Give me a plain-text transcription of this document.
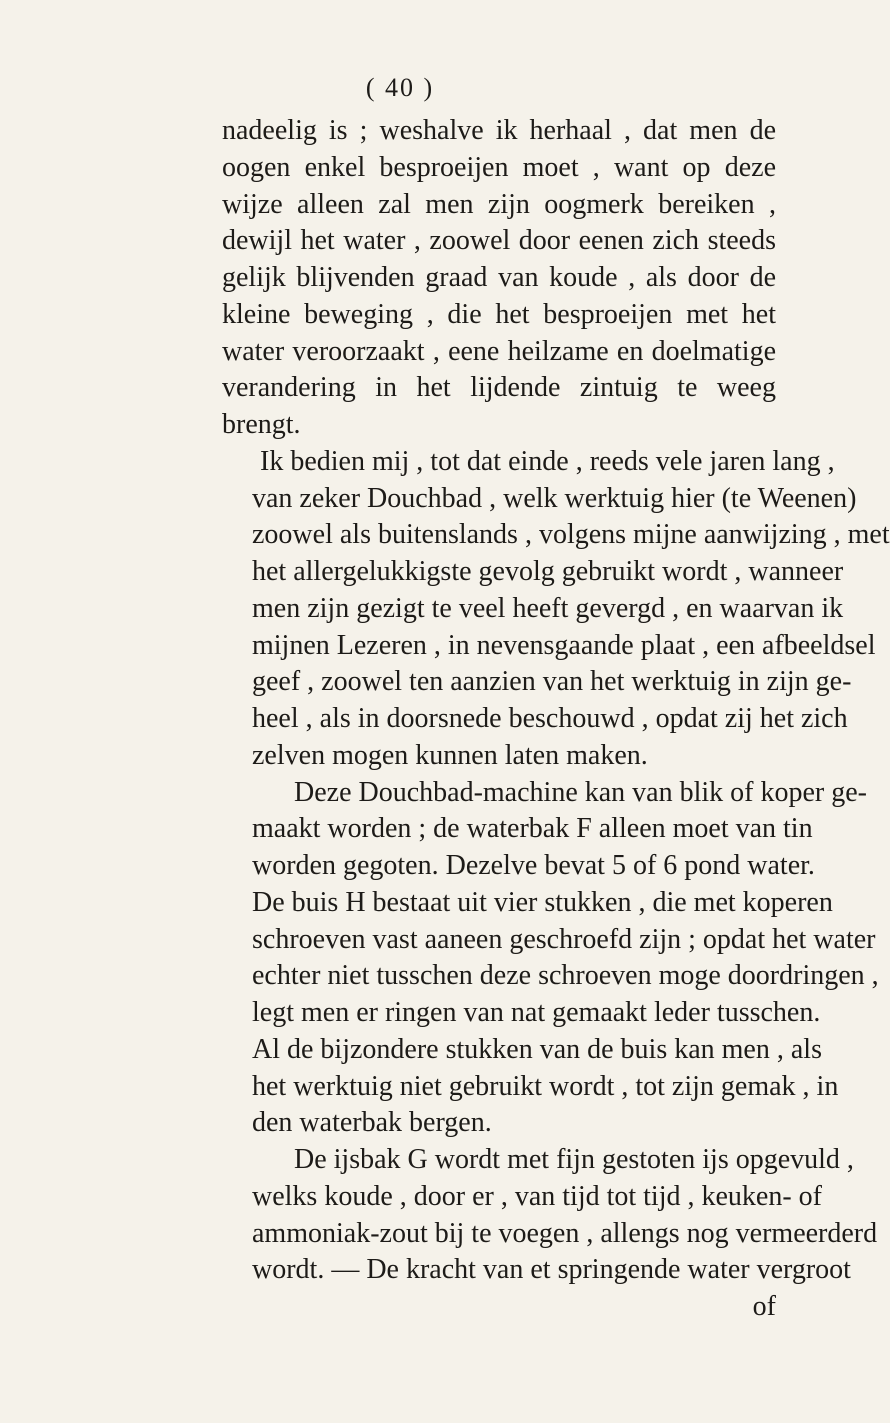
( 40 )
nadeelig is ; weshalve ik herhaal , dat men de
oogen enkel besproeijen moet , want op deze
wijze alleen zal men zijn oogmerk bereiken ,
dewijl het water , zoowel door eenen zich steeds
gelijk blijvenden graad van koude , als door de
kleine beweging , die het besproeijen met het
water veroorzaakt , eene heilzame en doelmatige
verandering in het lijdende zintuig te weeg
brengt.
Ik bedien mij , tot dat einde , reeds vele jaren lang ,
van zeker Douchbad , welk werktuig hier (te Weenen)
zoowel als buitenslands , volgens mijne aanwijzing , met
het allergelukkigste gevolg gebruikt wordt , wanneer
men zijn gezigt te veel heeft gevergd , en waarvan ik
mijnen Lezeren , in nevensgaande plaat , een afbeeldsel
geef , zoowel ten aanzien van het werktuig in zijn ge-
heel , als in doorsnede beschouwd , opdat zij het zich
zelven mogen kunnen laten maken.
Deze Douchbad-machine kan van blik of koper ge-
maakt worden ; de waterbak F alleen moet van tin
worden gegoten. Dezelve bevat 5 of 6 pond water.
De buis H bestaat uit vier stukken , die met koperen
schroeven vast aaneen geschroefd zijn ; opdat het water
echter niet tusschen deze schroeven moge doordringen ,
legt men er ringen van nat gemaakt leder tusschen.
Al de bijzondere stukken van de buis kan men , als
het werktuig niet gebruikt wordt , tot zijn gemak , in
den waterbak bergen.
De ijsbak G wordt met fijn gestoten ijs opgevuld ,
welks koude , door er , van tijd tot tijd , keuken- of
ammoniak-zout bij te voegen , allengs nog vermeerderd
wordt. — De kracht van et springende water vergroot
of
